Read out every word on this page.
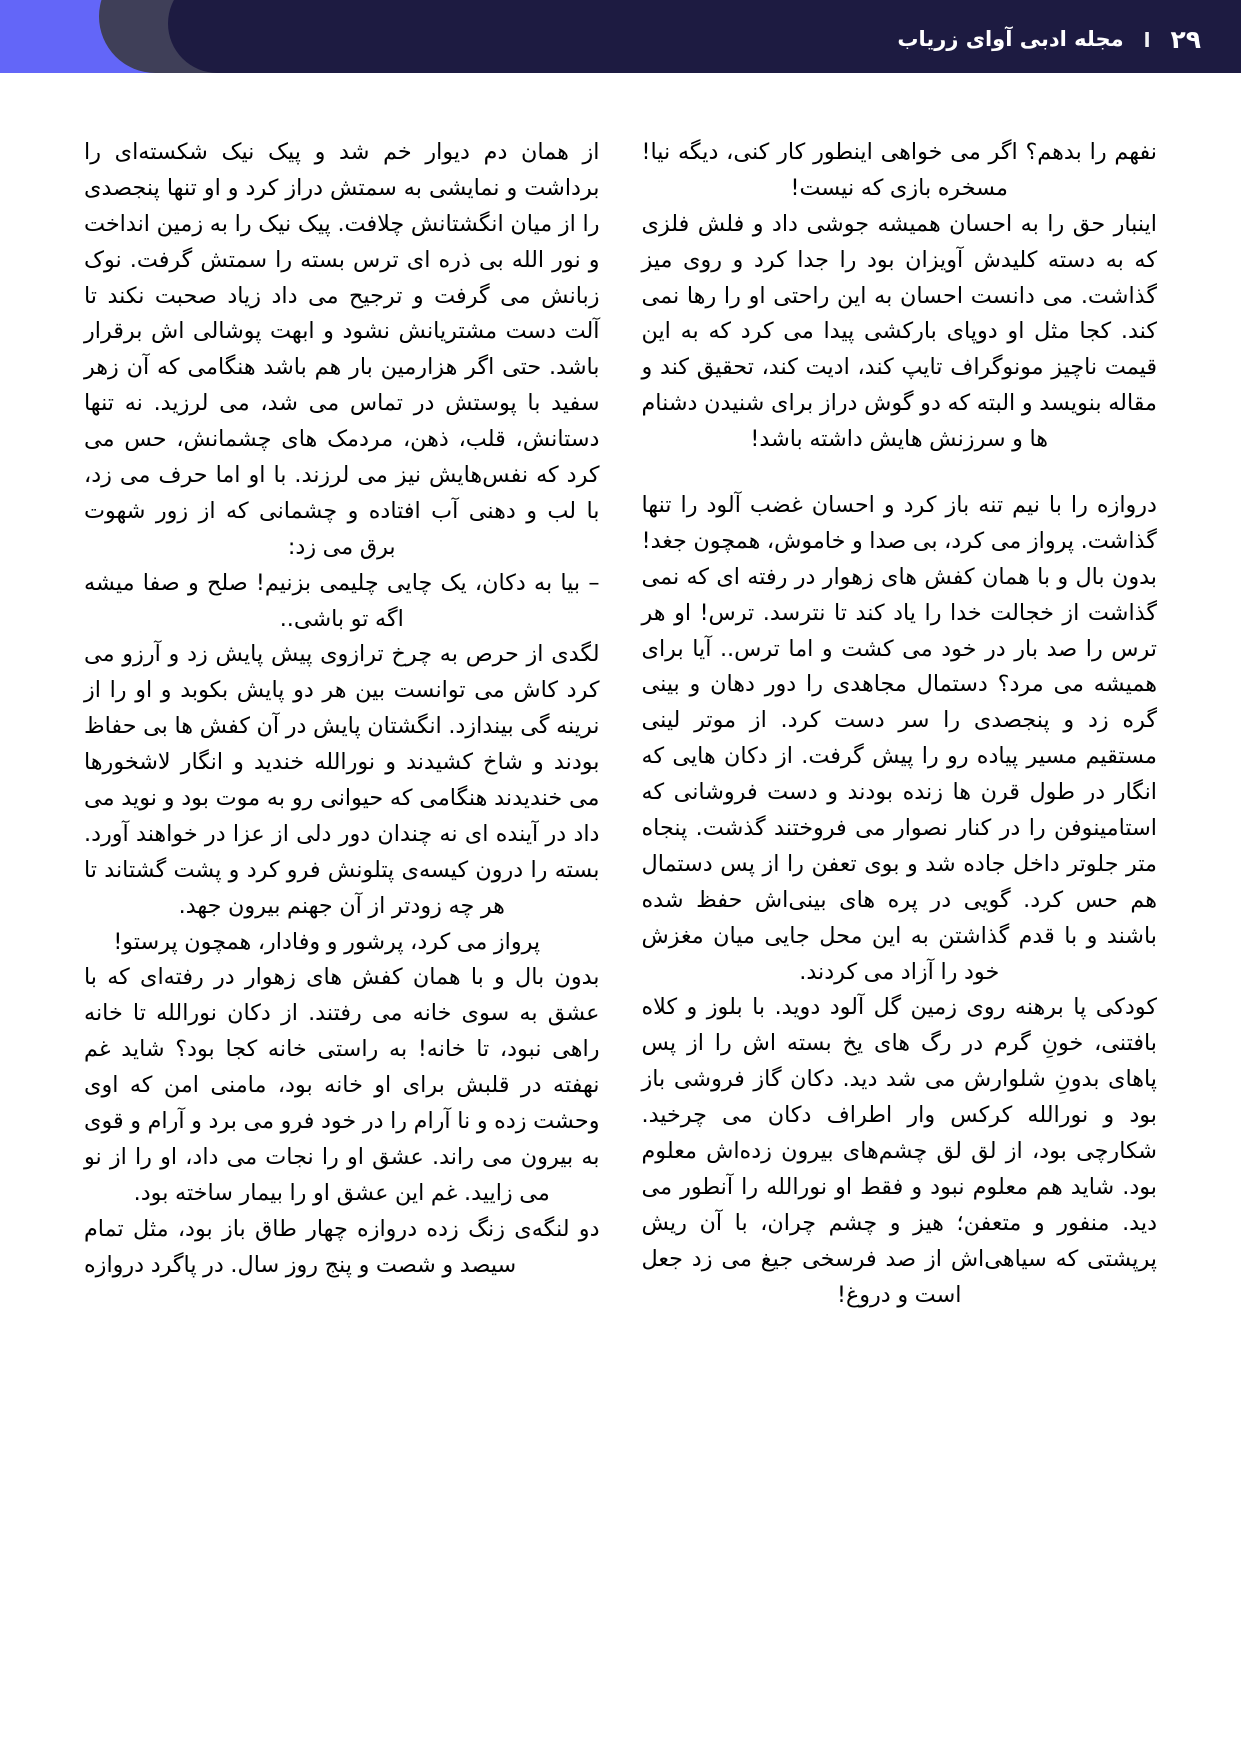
۲۹
ا
مجله ادبی آوای زریاب

نفهم را بدهم؟ اگر می خواهی اینطور کار کنی، دیگه نیا! مسخره بازی که نیست!

اینبار حق را به احسان همیشه جوشی داد و فلش فلزی که به دسته کلیدش آویزان بود را جدا کرد و روی میز گذاشت. می دانست احسان به این راحتی او را رها نمی کند. کجا مثل او دوپای بارکشی پیدا می کرد که به این قیمت ناچیز مونوگراف تایپ کند، ادیت کند، تحقیق کند و مقاله بنویسد و البته که دو گوش دراز برای شنیدن دشنام ها و سرزنش هایش داشته باشد!

دروازه را با نیم تنه باز کرد و احسان غضب آلود را تنها گذاشت. پرواز می کرد، بی صدا و خاموش، همچون جغد!

بدون بال و با همان کفش های زهوار در رفته ای که نمی گذاشت از خجالت خدا را یاد کند تا نترسد. ترس! او هر ترس را صد بار در خود می کشت و اما ترس.. آیا برای همیشه می مرد؟ دستمال مجاهدی را دور دهان و بینی گره زد و پنجصدی را سر دست کرد. از موتر لینی مستقیم مسیر پیاده رو را پیش گرفت. از دکان هایی که انگار در طول قرن ها زنده بودند و دست فروشانی که استامینوفن را در کنار نصوار می فروختند گذشت. پنجاه متر جلوتر داخل جاده شد و بوی تعفن را از پس دستمال هم حس کرد. گویی در پره های بینی‌اش حفظ شده باشند و با قدم گذاشتن به این محل جایی میان مغزش خود را آزاد می کردند.

کودکی پا برهنه روی زمین گل آلود دوید. با بلوز و کلاه بافتنی، خونِ گرم در رگ های یخ بسته اش را از پس پاهای بدونِ شلوارش می شد دید. دکان گاز فروشی باز بود و نورالله کرکس وار اطراف دکان می چرخید. شکارچی بود، از لق لق چشم‌های بیرون زده‌اش معلوم بود. شاید هم معلوم نبود و فقط او نورالله را آنطور می دید. منفور و متعفن؛ هیز و چشم چران، با آن ریش پرپشتی که سیاهی‌اش از صد فرسخی جیغ می زد جعل است و دروغ!

از همان دم دیوار خم شد و پیک نیک شکسته‌ای را برداشت و نمایشی به سمتش دراز کرد و او تنها پنجصدی را از میان انگشتانش چلافت. پیک نیک را به زمین انداخت و نور الله بی ذره ای ترس بسته را سمتش گرفت. نوک زبانش می گرفت و ترجیح می داد زیاد صحبت نکند تا آلت دست مشتریانش نشود و ابهت پوشالی اش برقرار باشد. حتی اگر هزارمین بار هم باشد هنگامی که آن زهر سفید با پوستش در تماس می شد، می لرزید. نه تنها دستانش، قلب، ذهن، مردمک های چشمانش، حس می کرد که نفس‌هایش نیز می لرزند. با او اما حرف می زد، با لب و دهنی آب افتاده و چشمانی که از زور شهوت برق می زد:

– بیا به دکان، یک چایی چلیمی بزنیم! صلح و صفا میشه اگه تو باشی..

لگدی از حرص به چرخ ترازوی پیش پایش زد و آرزو می کرد کاش می توانست بین هر دو پایش بکوبد و او را از نرینه گی بیندازد. انگشتان پایش در آن کفش ها بی حفاظ بودند و شاخ کشیدند و نورالله خندید و انگار لاشخورها می خندیدند هنگامی که حیوانی رو به موت بود و نوید می داد در آینده ای نه چندان دور دلی از عزا در خواهند آورد. بسته را درون کیسه‌ی پتلونش فرو کرد و پشت گشتاند تا هر چه زودتر از آن جهنم بیرون جهد.

پرواز می کرد، پرشور و وفادار، همچون پرستو!

بدون بال و با همان کفش های زهوار در رفته‌ای که با عشق به سوی خانه می رفتند. از دکان نورالله تا خانه راهی نبود، تا خانه! به راستی خانه کجا بود؟ شاید غم نهفته در قلبش برای او خانه بود، مامنی امن که اوی وحشت زده و نا آرام را در خود فرو می برد و آرام و قوی به بیرون می راند. عشق او را نجات می داد، او را از نو می زایید. غم این عشق او را بیمار ساخته بود.

دو لنگه‌ی زنگ زده دروازه چهار طاق باز بود، مثل تمام سیصد و شصت و پنج روز سال. در پاگرد دروازه
